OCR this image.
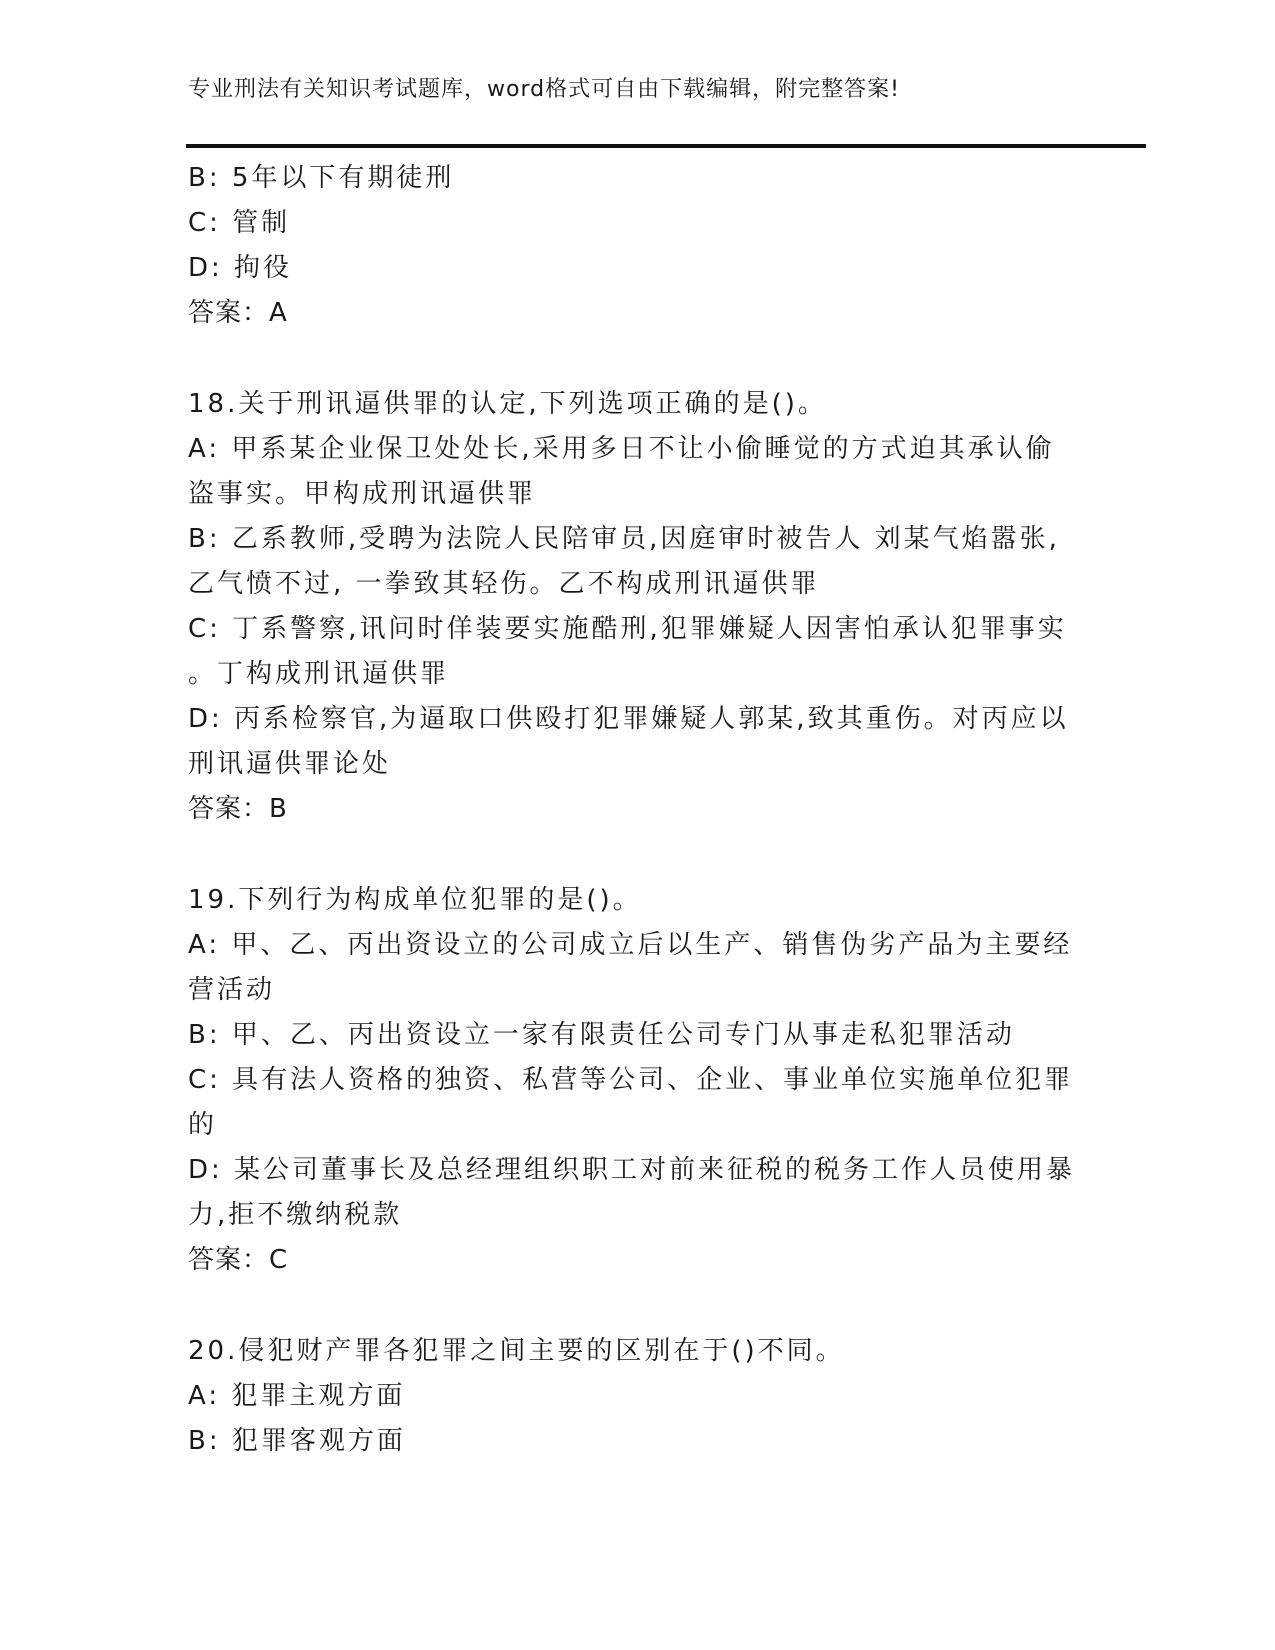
专业刑法有关知识考试题库，word格式可自由下载编辑，附完整答案!
B: 5年以下有期徒刑
C: 管制
D: 拘役
答案：A
18.关于刑讯逼供罪的认定,下列选项正确的是()。
A: 甲系某企业保卫处处长,采用多日不让小偷睡觉的方式迫其承认偷
盗事实。甲构成刑讯逼供罪
B: 乙系教师,受聘为法院人民陪审员,因庭审时被告人 刘某气焰嚣张,
乙气愤不过, 一拳致其轻伤。乙不构成刑讯逼供罪
C: 丁系警察,讯问时佯装要实施酷刑,犯罪嫌疑人因害怕承认犯罪事实
。丁构成刑讯逼供罪
D: 丙系检察官,为逼取口供殴打犯罪嫌疑人郭某,致其重伤。对丙应以
刑讯逼供罪论处
答案：B
19.下列行为构成单位犯罪的是()。
A: 甲、乙、丙出资设立的公司成立后以生产、销售伪劣产品为主要经
营活动
B: 甲、乙、丙出资设立一家有限责任公司专门从事走私犯罪活动
C: 具有法人资格的独资、私营等公司、企业、事业单位实施单位犯罪
的
D: 某公司董事长及总经理组织职工对前来征税的税务工作人员使用暴
力,拒不缴纳税款
答案：C
20.侵犯财产罪各犯罪之间主要的区别在于()不同。
A: 犯罪主观方面
B: 犯罪客观方面
